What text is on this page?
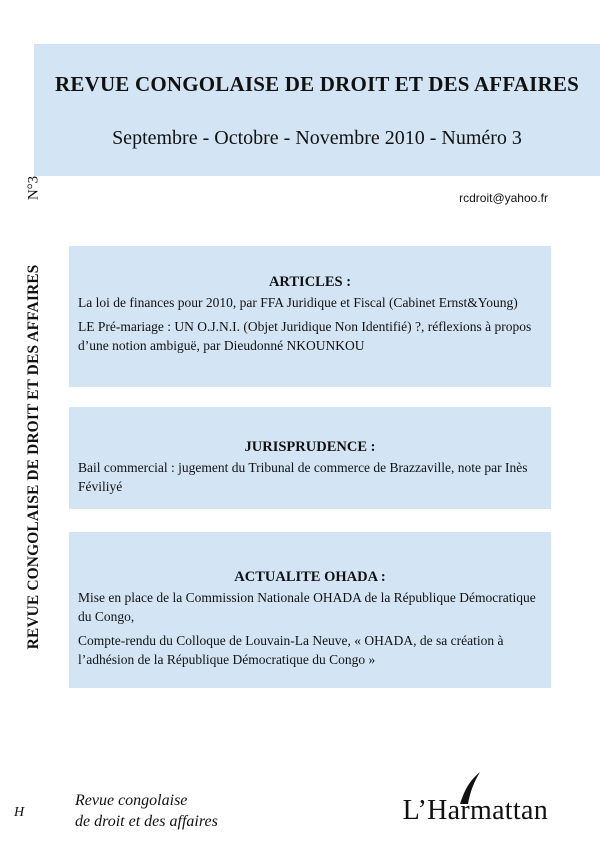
REVUE CONGOLAISE DE DROIT ET DES AFFAIRES
Septembre - Octobre - Novembre 2010 - Numéro 3
rcdroit@yahoo.fr
N°3
REVUE CONGOLAISE DE DROIT ET DES AFFAIRES	ARTICLES :
La loi de finances pour 2010, par FFA Juridique et Fiscal (Cabinet Ernst&Young)
LE Pré-mariage : UN O.J.N.I. (Objet Juridique Non Identifié) ?, réflexions à propos d’une notion ambiguë, par Dieudonné NKOUNKOU
JURISPRUDENCE :
Bail commercial : jugement du Tribunal de commerce de Brazzaville, note par Inès Féviliyé
ACTUALITE OHADA :
Mise en place de la Commission Nationale OHADA de la République Démocratique du Congo,
Compte-rendu du Colloque de Louvain-La Neuve, « OHADA, de sa création à l’adhésion de la République Démocratique du Congo »
H
Revue congolaise
de droit et des affaires	L’Harmattan
